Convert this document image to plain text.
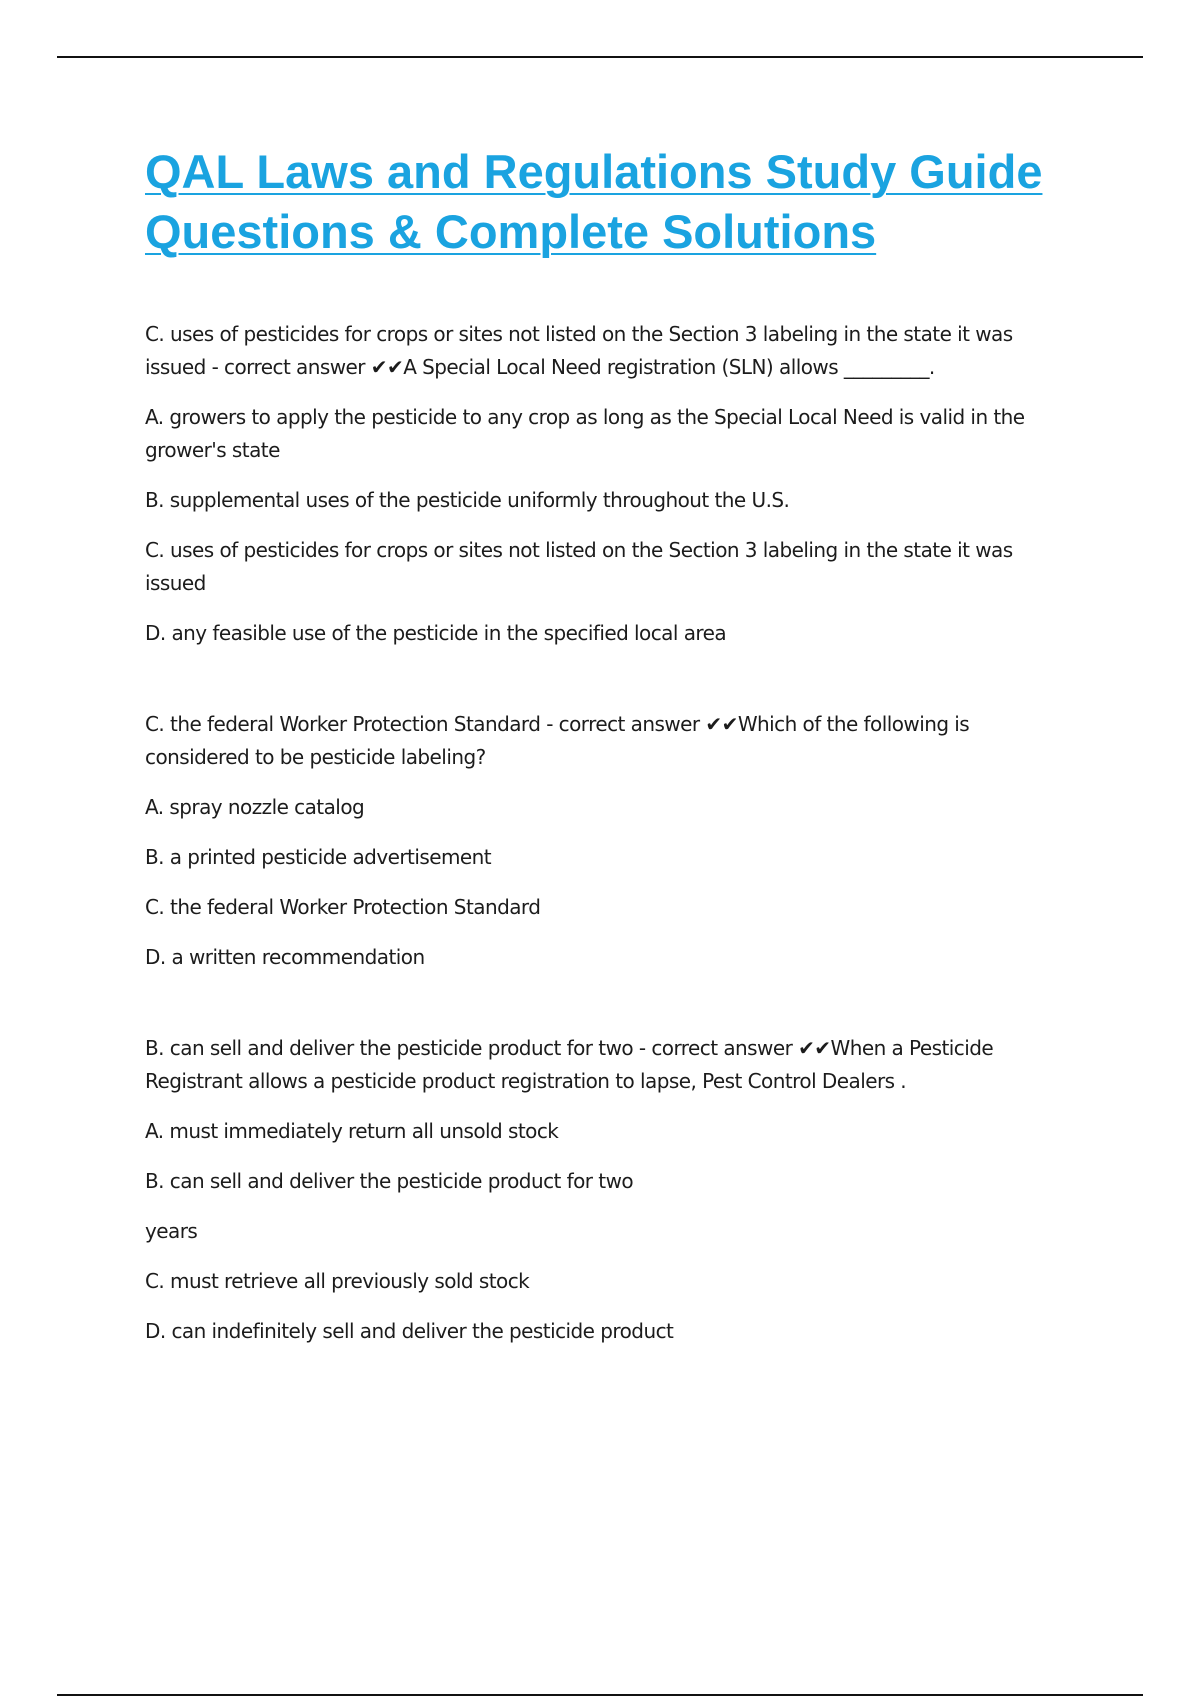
QAL Laws and Regulations Study Guide Questions & Complete Solutions

C. uses of pesticides for crops or sites not listed on the Section 3 labeling in the state it was issued - correct answer ✔✔A Special Local Need registration (SLN) allows _________.

A. growers to apply the pesticide to any crop as long as the Special Local Need is valid in the grower's state

B. supplemental uses of the pesticide uniformly throughout the U.S.

C. uses of pesticides for crops or sites not listed on the Section 3 labeling in the state it was issued

D. any feasible use of the pesticide in the specified local area

C. the federal Worker Protection Standard - correct answer ✔✔Which of the following is considered to be pesticide labeling?

A. spray nozzle catalog

B. a printed pesticide advertisement

C. the federal Worker Protection Standard

D. a written recommendation

B. can sell and deliver the pesticide product for two - correct answer ✔✔When a Pesticide Registrant allows a pesticide product registration to lapse, Pest Control Dealers .

A. must immediately return all unsold stock

B. can sell and deliver the pesticide product for two

years

C. must retrieve all previously sold stock

D. can indefinitely sell and deliver the pesticide product
